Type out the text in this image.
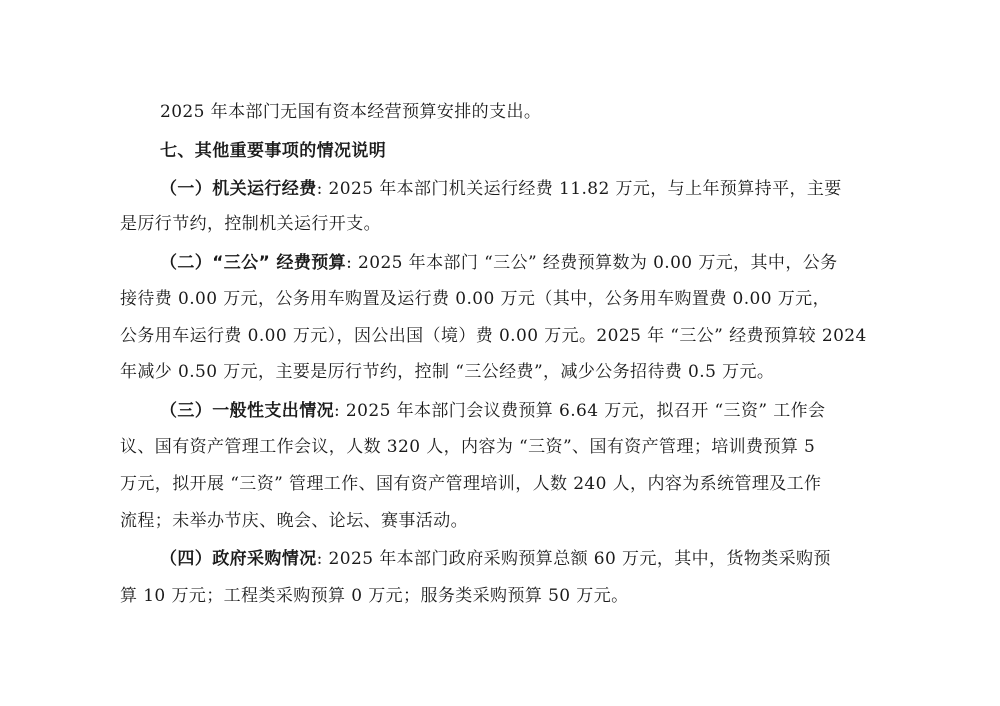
2025 年本部门无国有资本经营预算安排的支出。
七、其他重要事项的情况说明
（一）机关运行经费: 2025 年本部门机关运行经费 11.82 万元，与上年预算持平，主要
是厉行节约，控制机关运行开支。
（二）“三公” 经费预算: 2025 年本部门 “三公” 经费预算数为 0.00 万元，其中，公务
接待费 0.00 万元，公务用车购置及运行费 0.00 万元（其中，公务用车购置费 0.00 万元，
公务用车运行费 0.00 万元），因公出国（境）费 0.00 万元。2025 年 “三公” 经费预算较 2024
年减少 0.50 万元，主要是厉行节约，控制 “三公经费”，减少公务招待费 0.5 万元。
（三）一般性支出情况: 2025 年本部门会议费预算 6.64 万元，拟召开 “三资” 工作会
议、国有资产管理工作会议，人数 320 人，内容为 “三资”、国有资产管理；培训费预算 5
万元，拟开展 “三资” 管理工作、国有资产管理培训，人数 240 人，内容为系统管理及工作
流程；未举办节庆、晚会、论坛、赛事活动。
（四）政府采购情况: 2025 年本部门政府采购预算总额 60 万元，其中，货物类采购预
算 10 万元；工程类采购预算 0 万元；服务类采购预算 50 万元。
